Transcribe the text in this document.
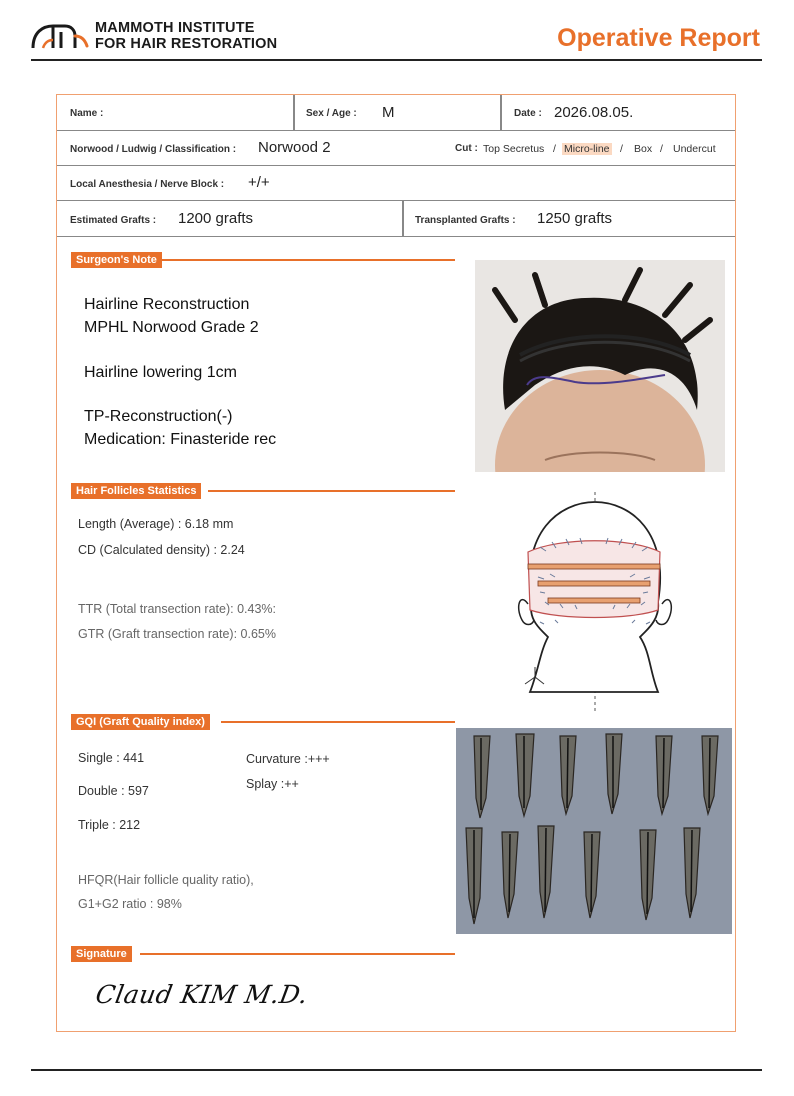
MAMMOTH INSTITUTE
FOR HAIR RESTORATION	Operative Report
Name :	Sex / Age : M	Date : 2026.08.05.
Norwood / Ludwig / Classification : Norwood 2	Cut : Top Secretus / Micro-line / Box / Undercut
Local Anesthesia / Nerve Block : +/+
Estimated Grafts : 1200 grafts	Transplanted Grafts : 1250 grafts
Surgeon's Note
Hairline Reconstruction
MPHL Norwood Grade 2
Hairline lowering 1cm
TP-Reconstruction(-)
Medication: Finasteride rec
Hair Follicles Statistics
Length (Average) : 6.18 mm
CD (Calculated density) : 2.24
TTR (Total transection rate): 0.43%:
GTR (Graft transection rate): 0.65%
GQI (Graft Quality index)
Single : 441
Double : 597
Triple : 212
Curvature :+++
Splay :++
HFQR(Hair follicle quality ratio),
G1+G2 ratio : 98%
Signature
Claud KIM M.D.
